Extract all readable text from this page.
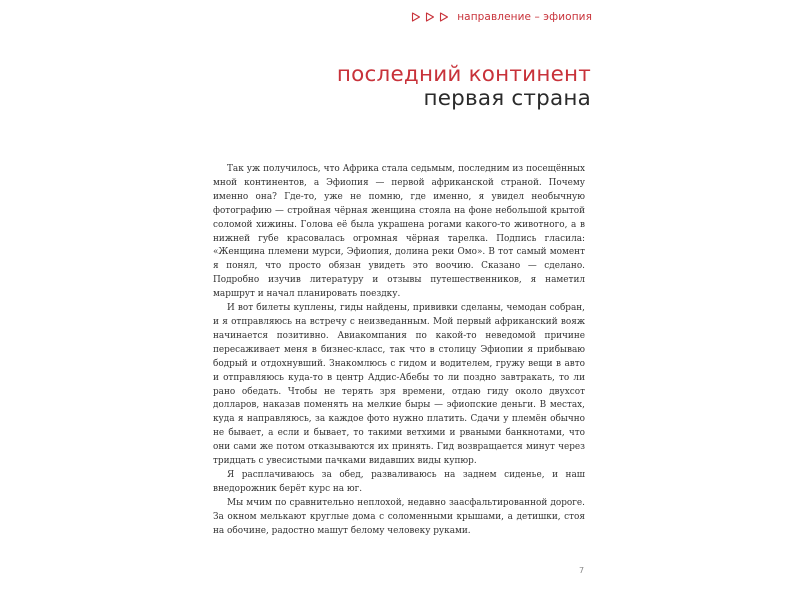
направление – эфиопия
последний континент
первая страна

Так уж получилось, что Африка стала седьмым, последним из посещённых мной континентов, а Эфиопия — первой африканской страной. Почему именно она? Где-то, уже не помню, где именно, я увидел необычную фотографию — стройная чёрная женщина стояла на фоне небольшой крытой соломой хижины. Голова её была украшена рогами какого-то животного, а в нижней губе красовалась огромная чёрная тарелка. Подпись гласила: «Женщина племени мурси, Эфиопия, долина реки Омо». В тот самый момент я понял, что просто обязан увидеть это воочию. Сказано — сделано. Подробно изучив литературу и отзывы путешественников, я наметил маршрут и начал планировать поездку.

И вот билеты куплены, гиды найдены, прививки сделаны, чемодан собран, и я отправляюсь на встречу с неизведанным. Мой первый африканский вояж начинается позитивно. Авиакомпания по какой-то неведомой причине пересаживает меня в бизнес-класс, так что в столицу Эфиопии я прибываю бодрый и отдохнувший. Знакомлюсь с гидом и водителем, гружу вещи в авто и отправляюсь куда-то в центр Аддис-Абебы то ли поздно завтракать, то ли рано обедать. Чтобы не терять зря времени, отдаю гиду около двухсот долларов, наказав поменять на мелкие быры — эфиопские деньги. В местах, куда я направляюсь, за каждое фото нужно платить. Сдачи у племён обычно не бывает, а если и бывает, то такими ветхими и рваными банкнотами, что они сами же потом отказываются их принять. Гид возвращается минут через тридцать с увесистыми пачками видавших виды купюр.

Я расплачиваюсь за обед, разваливаюсь на заднем сиденье, и наш внедорожник берёт курс на юг.

Мы мчим по сравнительно неплохой, недавно заасфальтированной дороге. За окном мелькают круглые дома с соломенными крышами, а детишки, стоя на обочине, радостно машут белому человеку руками.

7
